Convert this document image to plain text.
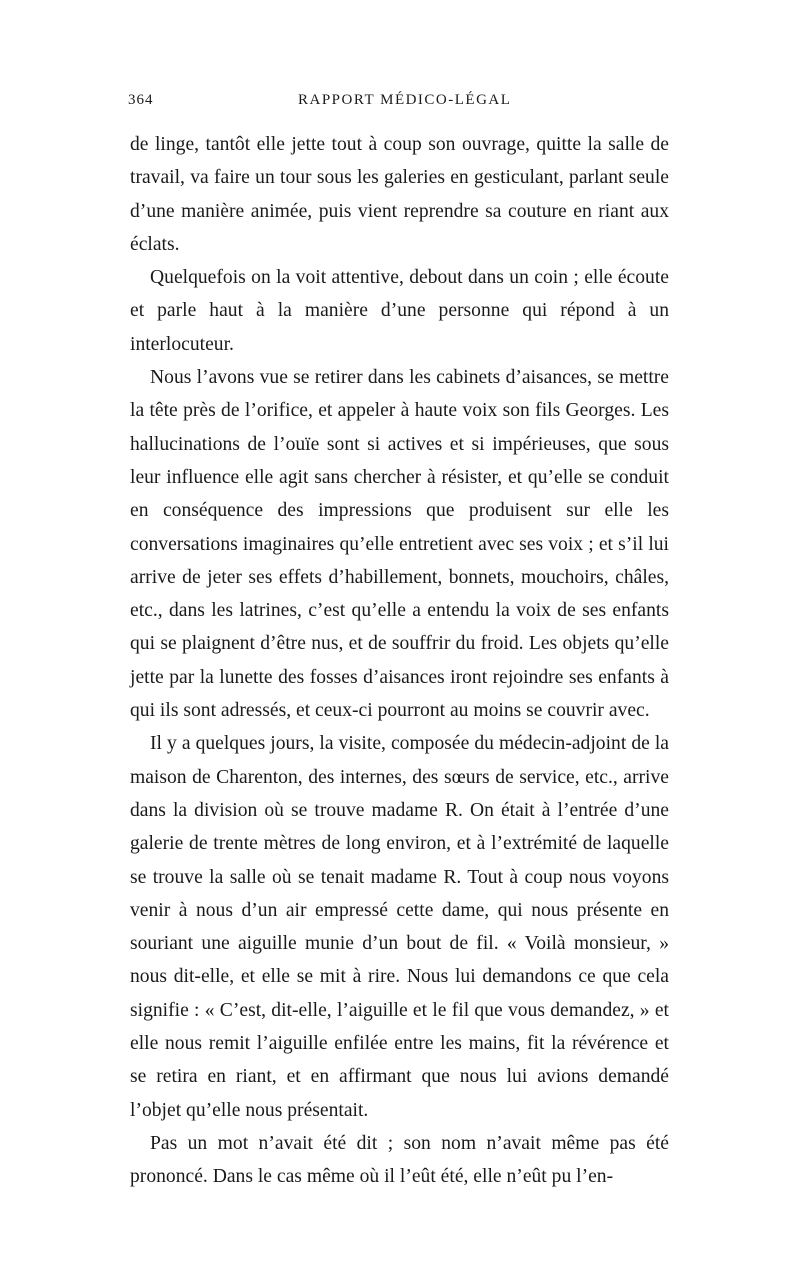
364	RAPPORT MÉDICO-LÉGAL

de linge, tantôt elle jette tout à coup son ouvrage, quitte la salle de travail, va faire un tour sous les galeries en gesticulant, parlant seule d’une manière animée, puis vient reprendre sa couture en riant aux éclats.

Quelquefois on la voit attentive, debout dans un coin ; elle écoute et parle haut à la manière d’une personne qui répond à un interlocuteur.

Nous l’avons vue se retirer dans les cabinets d’aisances, se mettre la tête près de l’orifice, et appeler à haute voix son fils Georges. Les hallucinations de l’ouïe sont si actives et si impérieuses, que sous leur influence elle agit sans chercher à résister, et qu’elle se conduit en conséquence des impressions que produisent sur elle les conversations imaginaires qu’elle entretient avec ses voix ; et s’il lui arrive de jeter ses effets d’habillement, bonnets, mouchoirs, châles, etc., dans les latrines, c’est qu’elle a entendu la voix de ses enfants qui se plaignent d’être nus, et de souffrir du froid. Les objets qu’elle jette par la lunette des fosses d’aisances iront rejoindre ses enfants à qui ils sont adressés, et ceux-ci pourront au moins se couvrir avec.

Il y a quelques jours, la visite, composée du médecin-adjoint de la maison de Charenton, des internes, des sœurs de service, etc., arrive dans la division où se trouve madame R. On était à l’entrée d’une galerie de trente mètres de long environ, et à l’extrémité de laquelle se trouve la salle où se tenait madame R. Tout à coup nous voyons venir à nous d’un air empressé cette dame, qui nous présente en souriant une aiguille munie d’un bout de fil. « Voilà monsieur, » nous dit-elle, et elle se mit à rire. Nous lui demandons ce que cela signifie : « C’est, dit-elle, l’aiguille et le fil que vous demandez, » et elle nous remit l’aiguille enfilée entre les mains, fit la révérence et se retira en riant, et en affirmant que nous lui avions demandé l’objet qu’elle nous présentait.

Pas un mot n’avait été dit ; son nom n’avait même pas été prononcé. Dans le cas même où il l’eût été, elle n’eût pu l’en-
